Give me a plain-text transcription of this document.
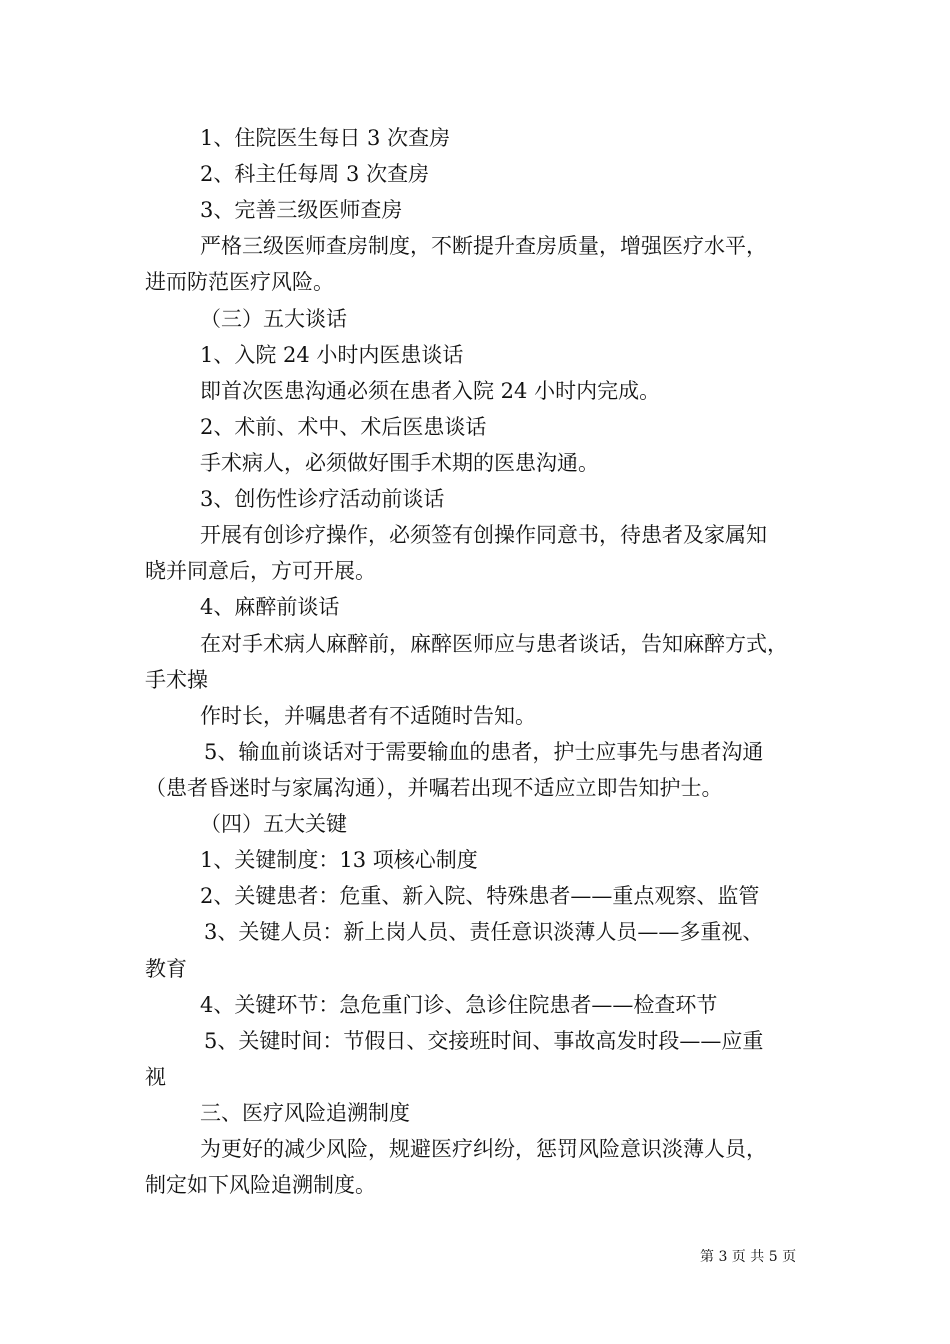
1、住院医生每日 3 次查房
2、科主任每周 3 次查房
3、完善三级医师查房
严格三级医师查房制度，不断提升查房质量，增强医疗水平，
进而防范医疗风险。
（三）五大谈话
1、入院 24 小时内医患谈话
即首次医患沟通必须在患者入院 24 小时内完成。
2、术前、术中、术后医患谈话
手术病人，必须做好围手术期的医患沟通。
3、创伤性诊疗活动前谈话
开展有创诊疗操作，必须签有创操作同意书，待患者及家属知
晓并同意后，方可开展。
4、麻醉前谈话
在对手术病人麻醉前，麻醉医师应与患者谈话，告知麻醉方式，
手术操
作时长，并嘱患者有不适随时告知。
5、输血前谈话对于需要输血的患者，护士应事先与患者沟通
（患者昏迷时与家属沟通），并嘱若出现不适应立即告知护士。
（四）五大关键
1、关键制度：13 项核心制度
2、关键患者：危重、新入院、特殊患者——重点观察、监管
3、关键人员：新上岗人员、责任意识淡薄人员——多重视、
教育
4、关键环节：急危重门诊、急诊住院患者——检查环节
5、关键时间：节假日、交接班时间、事故高发时段——应重
视
三、医疗风险追溯制度
为更好的减少风险，规避医疗纠纷，惩罚风险意识淡薄人员，
制定如下风险追溯制度。
第 3 页 共 5 页
